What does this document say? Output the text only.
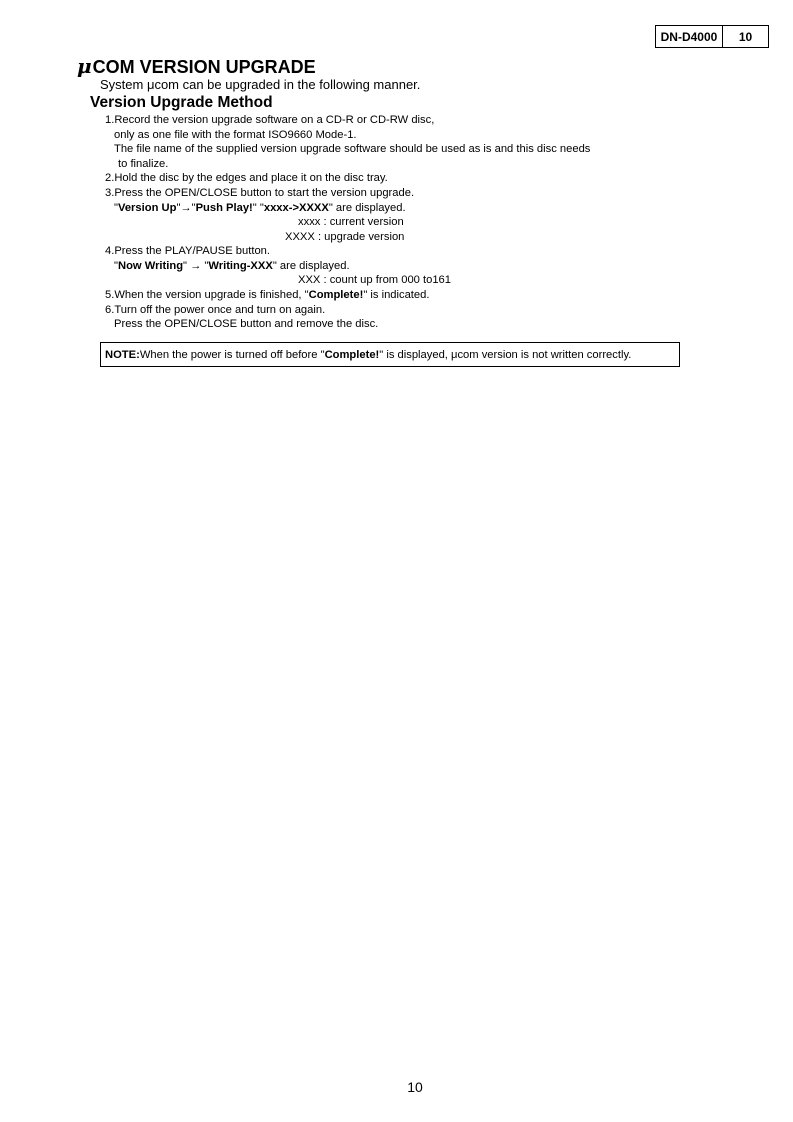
DN-D4000	10
μCOM VERSION UPGRADE
System μcom can be upgraded in the following manner.
Version Upgrade Method
1.Record the version upgrade software on a CD-R or CD-RW disc,
only as one file with the format ISO9660 Mode-1.
The file name of the supplied version upgrade software should be used as is and this disc needs
to finalize.
2.Hold the disc by the edges and place it on the disc tray.
3.Press the OPEN/CLOSE button to start the version upgrade.
"Version Up"→"Push Play!" "xxxx->XXXX" are displayed.
xxxx : current version
XXXX : upgrade version
4.Press the PLAY/PAUSE button.
"Now Writing" → "Writing-XXX" are displayed.
XXX : count up from 000 to161
5.When the version upgrade is finished, "Complete!" is indicated.
6.Turn off the power once and turn on again.
Press the OPEN/CLOSE button and remove the disc.
NOTE: When the power is turned off before " Complete! " is displayed, μcom version is not written correctly.
10
